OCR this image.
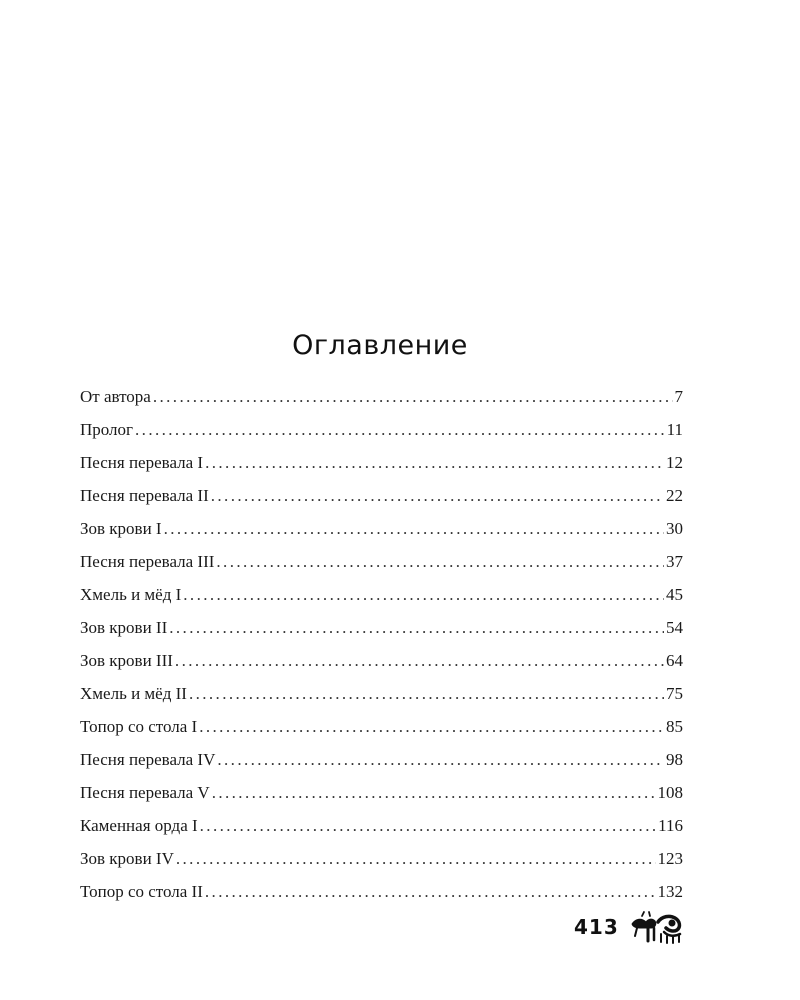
Оглавление
От автора .....	7
Пролог .....	11
Песня перевала I .....	12
Песня перевала II .....	22
Зов крови I .....	30
Песня перевала III .....	37
Хмель и мёд I .....	45
Зов крови II .....	54
Зов крови III .....	64
Хмель и мёд II .....	75
Топор со стола I .....	85
Песня перевала IV .....	98
Песня перевала V .....	108
Каменная орда I .....	116
Зов крови IV .....	123
Топор со стола II .....	132
413
